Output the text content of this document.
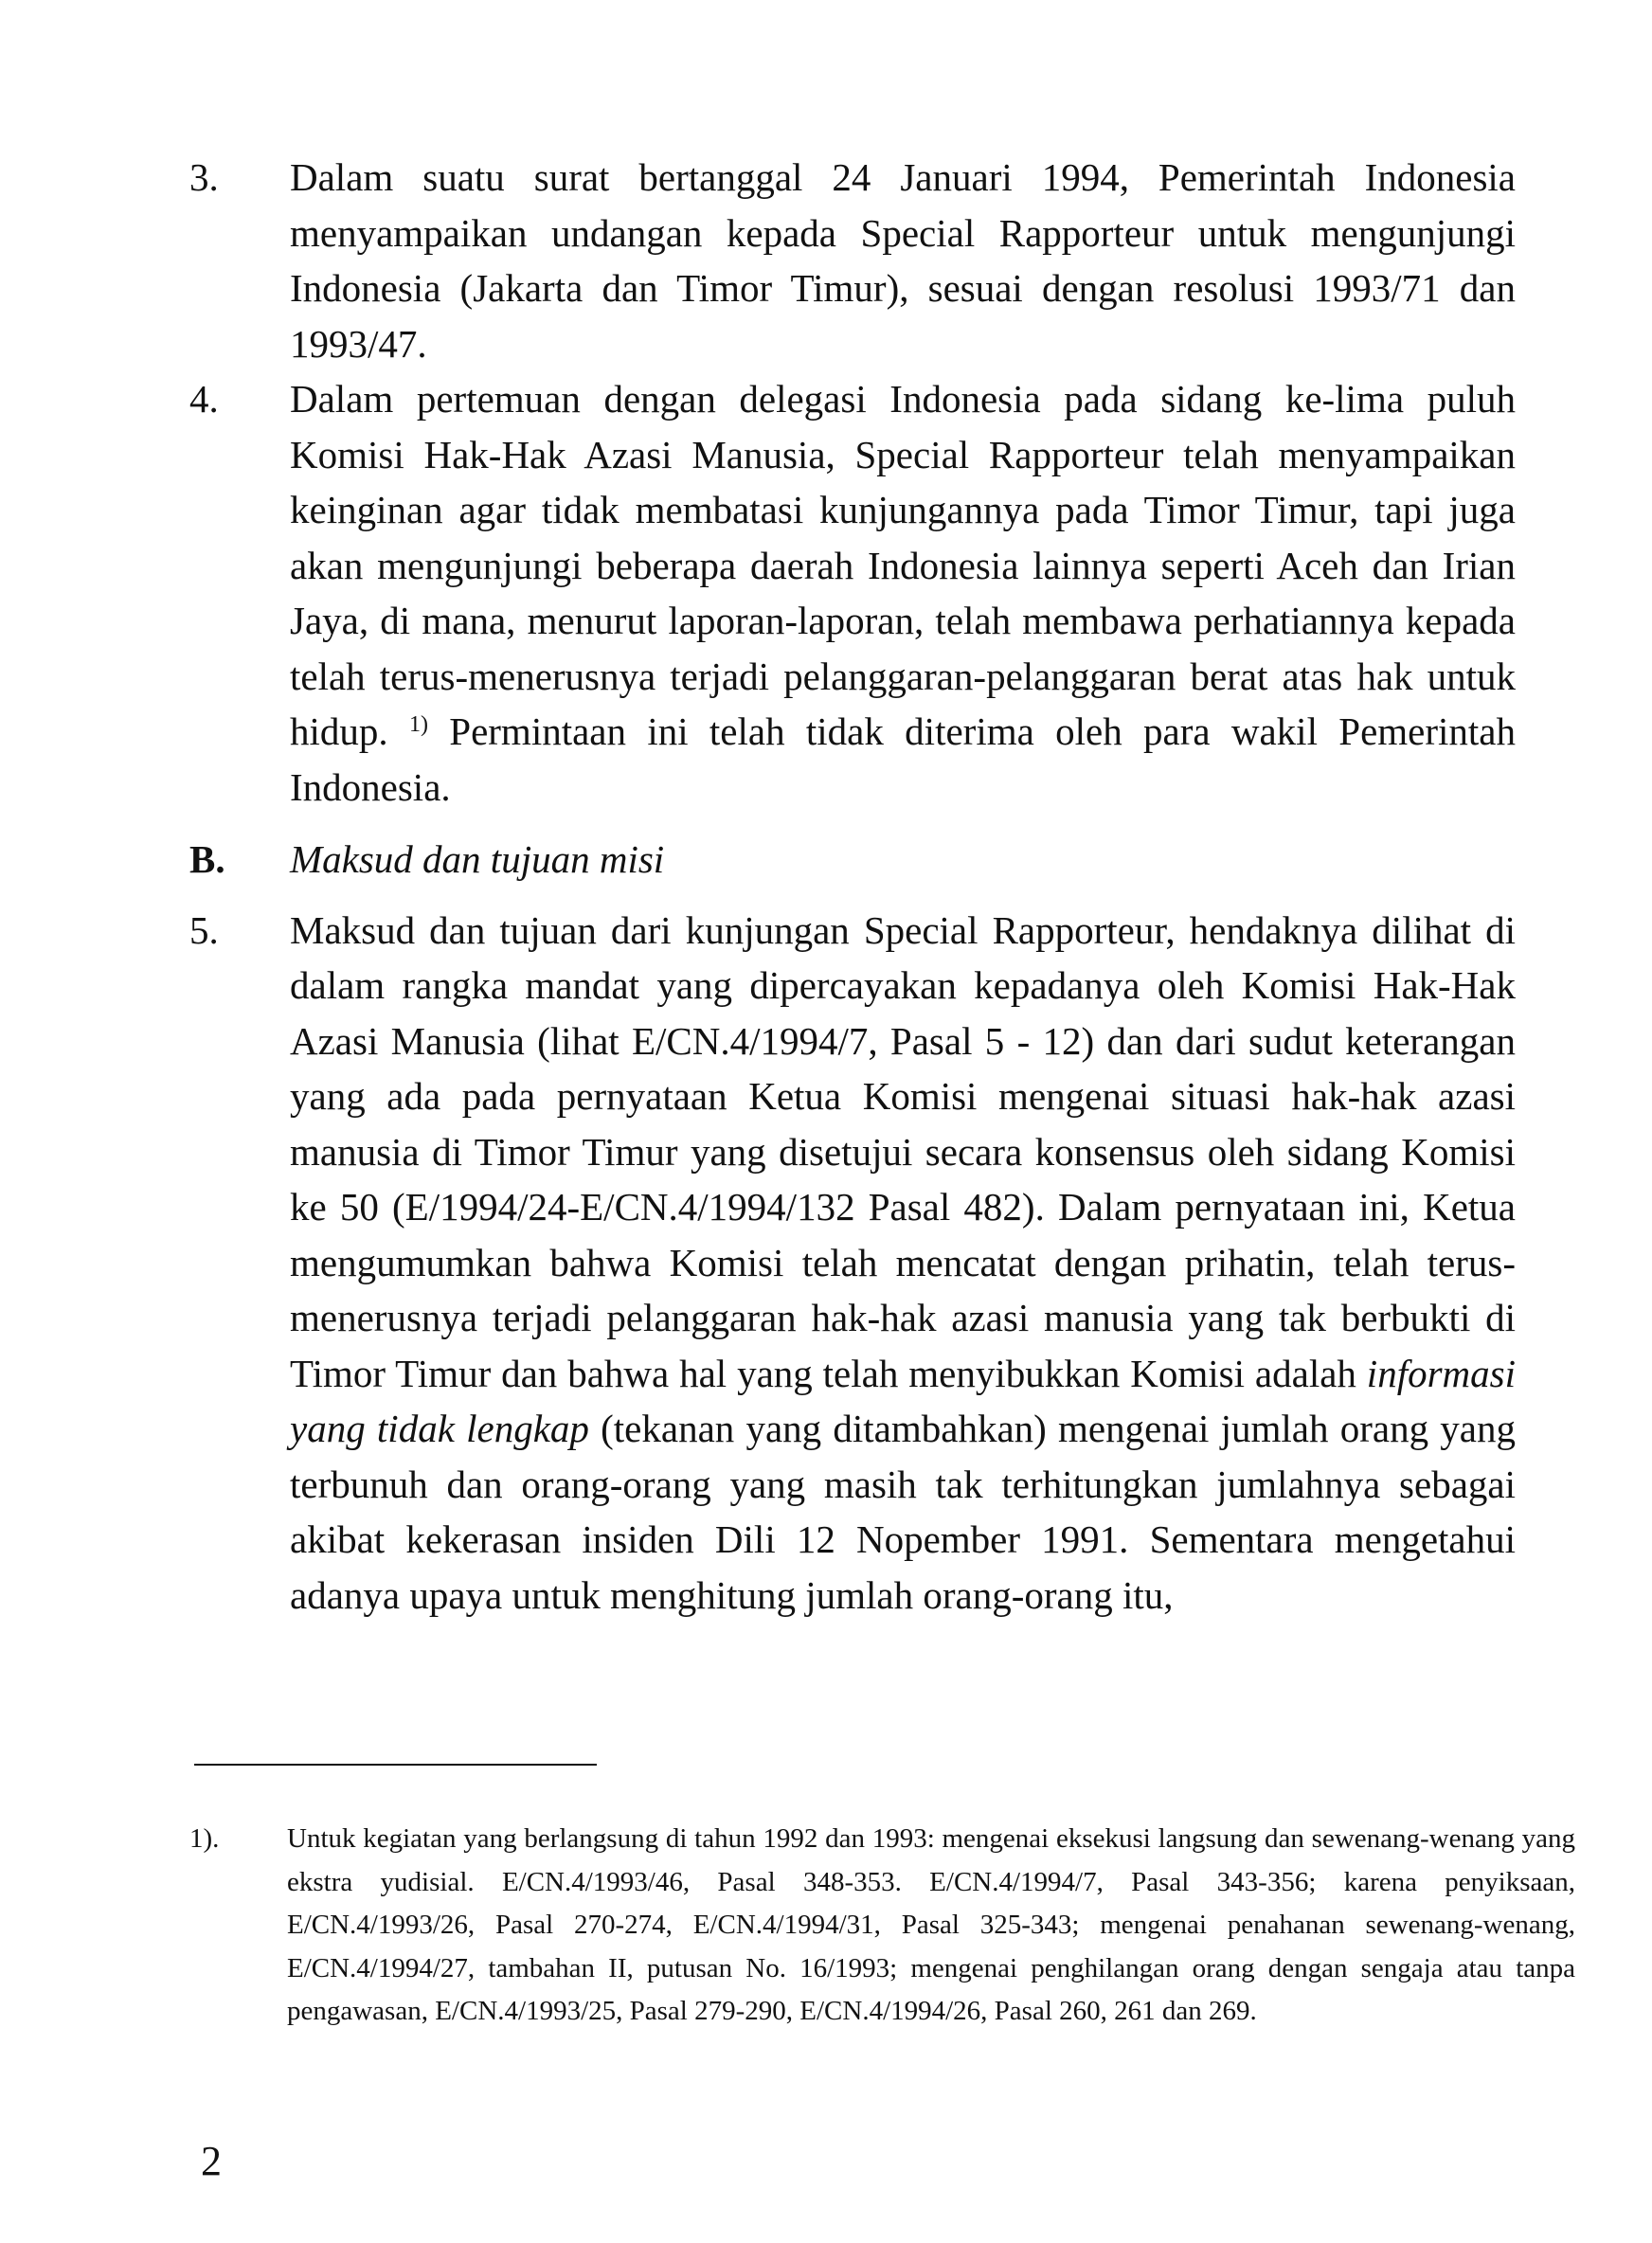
3. Dalam suatu surat bertanggal 24 Januari 1994, Pemerintah Indonesia menyampaikan undangan kepada Special Rapporteur untuk mengunjungi Indonesia (Jakarta dan Timor Timur), sesuai dengan resolusi 1993/71 dan 1993/47.

4. Dalam pertemuan dengan delegasi Indonesia pada sidang ke-lima puluh Komisi Hak-Hak Azasi Manusia, Special Rapporteur telah menyampaikan keinginan agar tidak membatasi kunjungannya pada Timor Timur, tapi juga akan mengunjungi beberapa daerah Indonesia lainnya seperti Aceh dan Irian Jaya, di mana, menurut laporan-laporan, telah membawa perhatiannya kepada telah terus-menerusnya terjadi pelanggaran-pelanggaran berat atas hak untuk hidup. $^{1)}$ Permintaan ini telah tidak diterima oleh para wakil Pemerintah Indonesia.

B. Maksud dan tujuan misi

5. Maksud dan tujuan dari kunjungan Special Rapporteur, hendaknya dilihat di dalam rangka mandat yang dipercayakan kepadanya oleh Komisi Hak-Hak Azasi Manusia (lihat E/CN.4/1994/7, Pasal 5 - 12) dan dari sudut keterangan yang ada pada pernyataan Ketua Komisi mengenai situasi hak-hak azasi manusia di Timor Timur yang disetujui secara konsensus oleh sidang Komisi ke 50 (E/1994/24-E/CN.4/1994/132 Pasal 482). Dalam pernyataan ini, Ketua mengumumkan bahwa Komisi telah mencatat dengan prihatin, telah terus-menerusnya terjadi pelanggaran hak-hak azasi manusia yang tak berbukti di Timor Timur dan bahwa hal yang telah menyibukkan Komisi adalah informasi yang tidak lengkap (tekanan yang ditambahkan) mengenai jumlah orang yang terbunuh dan orang-orang yang masih tak terhitungkan jumlahnya sebagai akibat kekerasan insiden Dili 12 Nopember 1991. Sementara mengetahui adanya upaya untuk menghitung jumlah orang-orang itu,

1). Untuk kegiatan yang berlangsung di tahun 1992 dan 1993: mengenai eksekusi langsung dan sewenang-wenang yang ekstra yudisial. E/CN.4/1993/46, Pasal 348-353. E/CN.4/1994/7, Pasal 343-356; karena penyiksaan, E/CN.4/1993/26, Pasal 270-274, E/CN.4/1994/31, Pasal 325-343; mengenai penahanan sewenang-wenang, E/CN.4/1994/27, tambahan II, putusan No. 16/1993; mengenai penghilangan orang dengan sengaja atau tanpa pengawasan, E/CN.4/1993/25, Pasal 279-290, E/CN.4/1994/26, Pasal 260, 261 dan 269.

2
